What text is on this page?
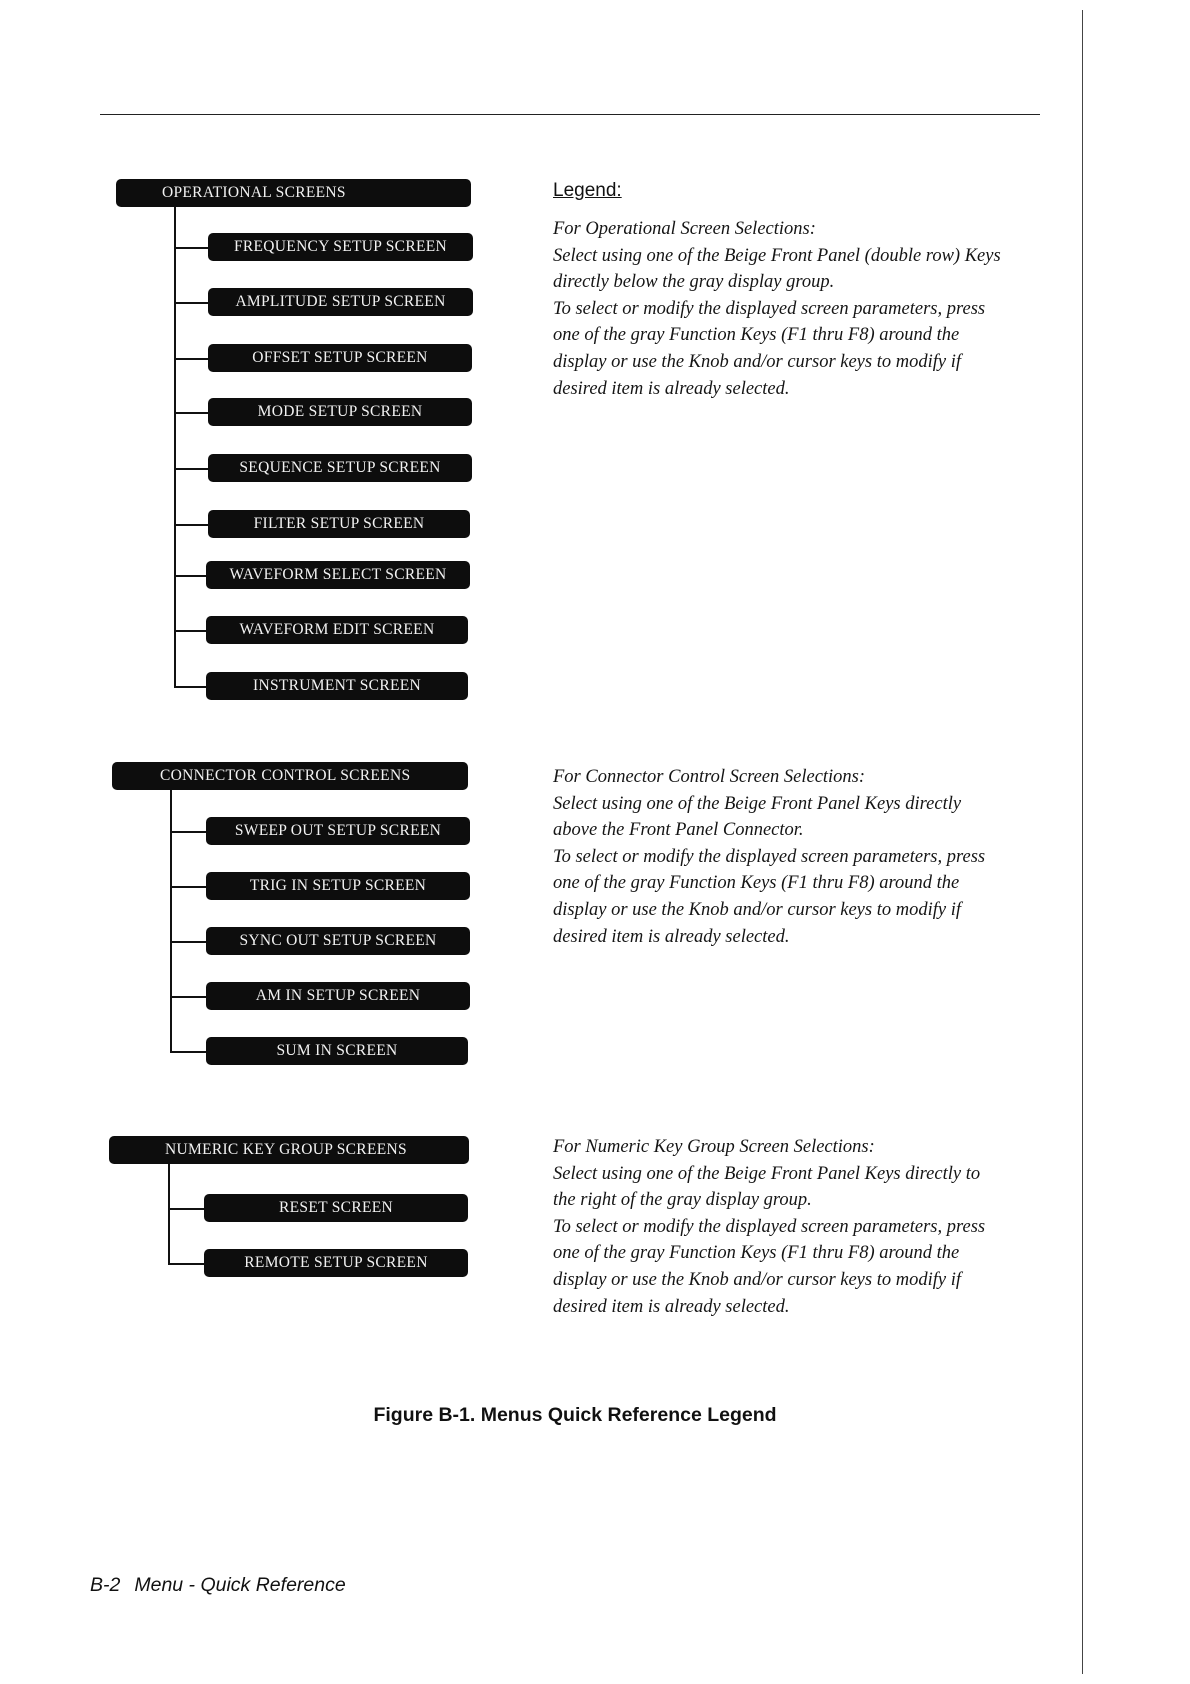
OPERATIONAL SCREENS
FREQUENCY SETUP SCREEN
AMPLITUDE SETUP SCREEN
OFFSET SETUP SCREEN
MODE SETUP SCREEN
SEQUENCE SETUP SCREEN
FILTER SETUP SCREEN
WAVEFORM SELECT SCREEN
WAVEFORM EDIT SCREEN
INSTRUMENT SCREEN
CONNECTOR CONTROL SCREENS
SWEEP OUT SETUP SCREEN
TRIG IN SETUP SCREEN
SYNC OUT SETUP SCREEN
AM IN SETUP SCREEN
SUM IN SCREEN
NUMERIC KEY GROUP SCREENS
RESET SCREEN
REMOTE SETUP SCREEN
Legend:
For Operational Screen Selections:
Select using one of the Beige Front Panel (double row) Keys
directly below the gray display group.
To select or modify the displayed screen parameters, press
one of the gray Function Keys (F1 thru F8) around the
display or use the Knob and/or cursor keys to modify if
desired item is already selected.
For Connector Control Screen Selections:
Select using one of the Beige Front Panel Keys directly
above the Front Panel Connector.
To select or modify the displayed screen parameters, press
one of the gray Function Keys (F1 thru F8) around the
display or use the Knob and/or cursor keys to modify if
desired item is already selected.
For Numeric Key Group Screen Selections:
Select using one of the Beige Front Panel Keys directly to
the right of the gray display group.
To select or modify the displayed screen parameters, press
one of the gray Function Keys (F1 thru F8) around the
display or use the Knob and/or cursor keys to modify if
desired item is already selected.
Figure B-1. Menus Quick Reference Legend
B-2 Menu - Quick Reference
